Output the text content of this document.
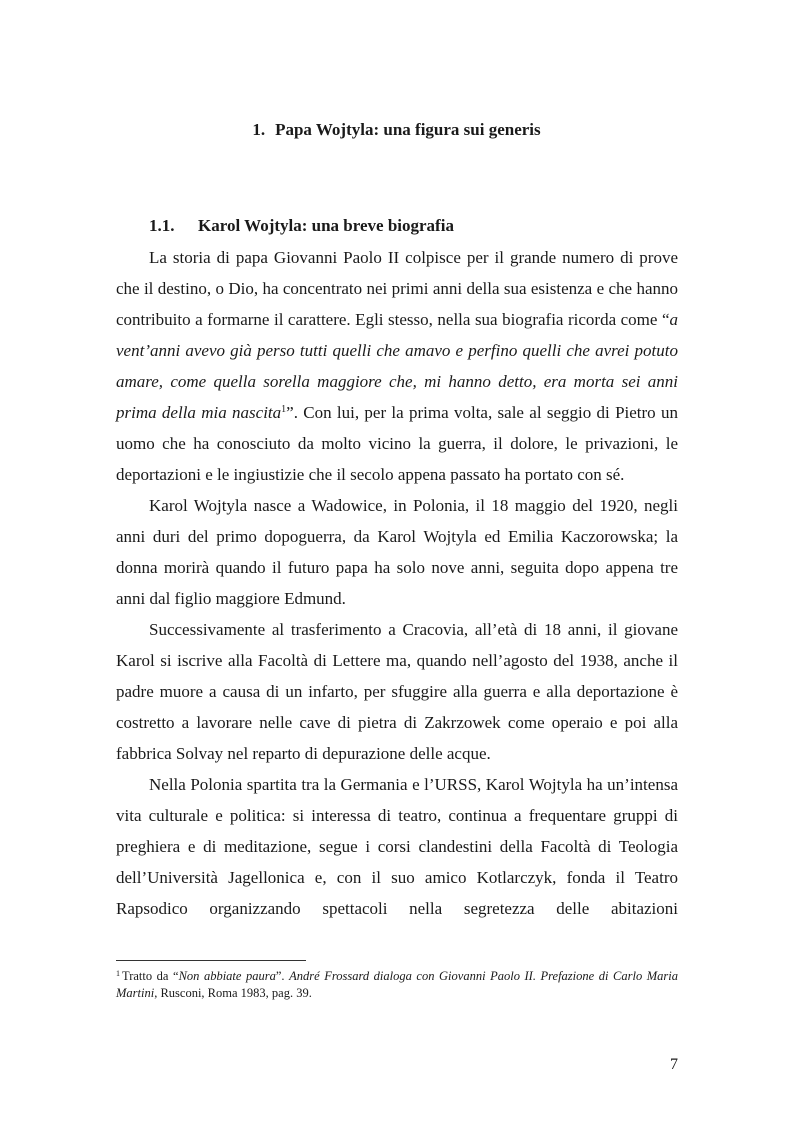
1. Papa Wojtyla: una figura sui generis
1.1. Karol Wojtyla: una breve biografia

La storia di papa Giovanni Paolo II colpisce per il grande numero di prove che il destino, o Dio, ha concentrato nei primi anni della sua esistenza e che hanno contribuito a formarne il carattere. Egli stesso, nella sua biografia ricorda come “a vent’anni avevo già perso tutti quelli che amavo e perfino quelli che avrei potuto amare, come quella sorella maggiore che, mi hanno detto, era morta sei anni prima della mia nascita$^1$”. Con lui, per la prima volta, sale al seggio di Pietro un uomo che ha conosciuto da molto vicino la guerra, il dolore, le privazioni, le deportazioni e le ingiustizie che il secolo appena passato ha portato con sé.

Karol Wojtyla nasce a Wadowice, in Polonia, il 18 maggio del 1920, negli anni duri del primo dopoguerra, da Karol Wojtyla ed Emilia Kaczorowska; la donna morirà quando il futuro papa ha solo nove anni, seguita dopo appena tre anni dal figlio maggiore Edmund.

Successivamente al trasferimento a Cracovia, all’età di 18 anni, il giovane Karol si iscrive alla Facoltà di Lettere ma, quando nell’agosto del 1938, anche il padre muore a causa di un infarto, per sfuggire alla guerra e alla deportazione è costretto a lavorare nelle cave di pietra di Zakrzowek come operaio e poi alla fabbrica Solvay nel reparto di depurazione delle acque.

Nella Polonia spartita tra la Germania e l’URSS, Karol Wojtyla ha un’intensa vita culturale e politica: si interessa di teatro, continua a frequentare gruppi di preghiera e di meditazione, segue i corsi clandestini della Facoltà di Teologia dell’Università Jagellonica e, con il suo amico Kotlarczyk, fonda il Teatro Rapsodico organizzando spettacoli nella segretezza delle abitazioni

$^1$ Tratto da “Non abbiate paura”. André Frossard dialoga con Giovanni Paolo II. Prefazione di Carlo Maria Martini, Rusconi, Roma 1983, pag. 39.
7
